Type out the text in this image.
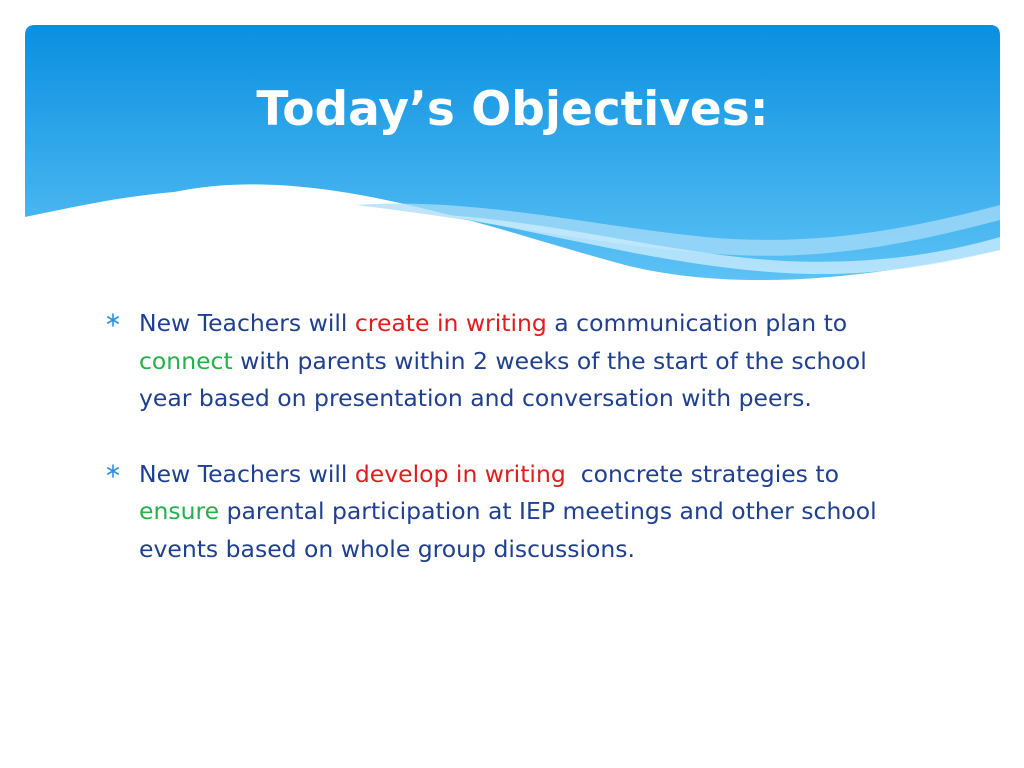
Today’s Objectives:
New Teachers will create in writing a communication plan to connect with parents within 2 weeks of the start of the school year based on presentation and conversation with peers.
New Teachers will develop in writing  concrete strategies to ensure parental participation at IEP meetings and other school events based on whole group discussions.
